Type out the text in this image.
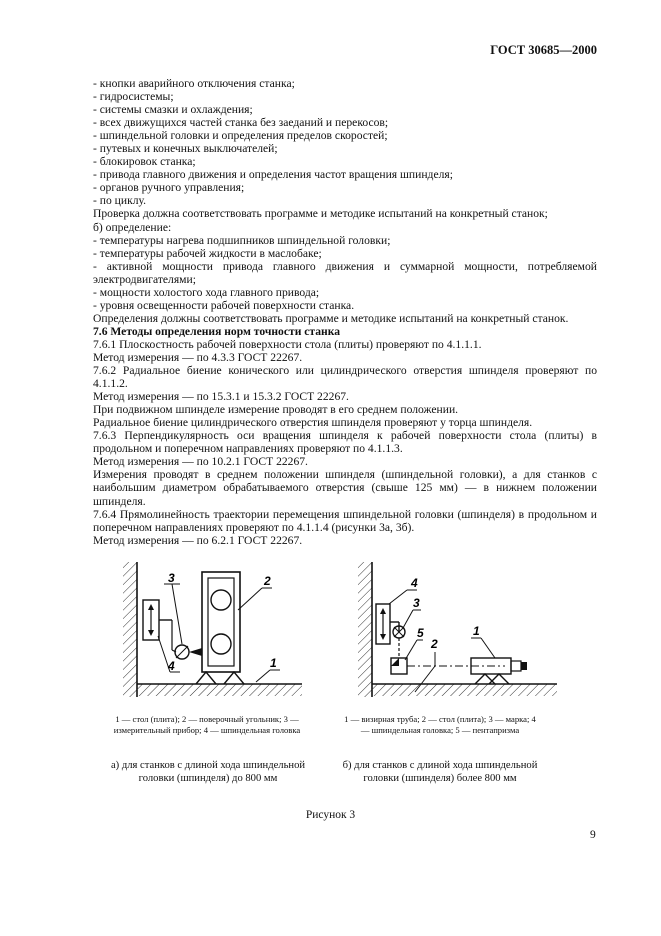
ГОСТ 30685—2000

- кнопки аварийного отключения станка;

- гидросистемы;

- системы смазки и охлаждения;

- всех движущихся частей станка без заеданий и перекосов;

- шпиндельной головки и определения пределов скоростей;

- путевых и конечных выключателей;

- блокировок станка;

- привода главного движения и определения частот вращения шпинделя;

- органов ручного управления;

- по циклу.

Проверка должна соответствовать программе и методике испытаний на конкретный станок;

б) определение:

- температуры нагрева подшипников шпиндельной головки;

- температуры рабочей жидкости в маслобаке;

- активной мощности привода главного движения и суммарной мощности, потребляемой электродвигателями;

- мощности холостого хода главного привода;

- уровня освещенности рабочей поверхности станка.

Определения должны соответствовать программе и методике испытаний на конкретный станок.

7.6 Методы определения норм точности станка

7.6.1 Плоскостность рабочей поверхности стола (плиты) проверяют по 4.1.1.1.

Метод измерения — по 4.3.3 ГОСТ 22267.

7.6.2 Радиальное биение конического или цилиндрического отверстия шпинделя проверяют по 4.1.1.2.

Метод измерения — по 15.3.1 и 15.3.2 ГОСТ 22267.

При подвижном шпинделе измерение проводят в его среднем положении.

Радиальное биение цилиндрического отверстия шпинделя проверяют у торца шпинделя.

7.6.3 Перпендикулярность оси вращения шпинделя к рабочей поверхности стола (плиты) в продольном и поперечном направлениях проверяют по 4.1.1.3.

Метод измерения — по 10.2.1 ГОСТ 22267.

Измерения проводят в среднем положении шпинделя (шпиндельной головки), а для станков с наибольшим диаметром обрабатываемого отверстия (свыше 125 мм) — в нижнем положении шпинделя.

7.6.4 Прямолинейность траектории перемещения шпиндельной головки (шпинделя) в продольном и поперечном направлениях проверяют по 4.1.1.4 (рисунки 3а, 3б).

Метод измерения — по 6.2.1 ГОСТ 22267.

3	2
4	1
4
3
5
2
1
1 — стол (плита); 2 — поверочный угольник; 3 — измерительный прибор; 4 — шпиндельная головка
1 — визирная труба; 2 — стол (плита); 3 — марка; 4 — шпиндельная головка; 5 — пентапризма
а) для станков с длиной хода шпиндельной головки (шпинделя) до 800 мм
б) для станков с длиной хода шпиндельной головки (шпинделя) более 800 мм
Рисунок 3
9
